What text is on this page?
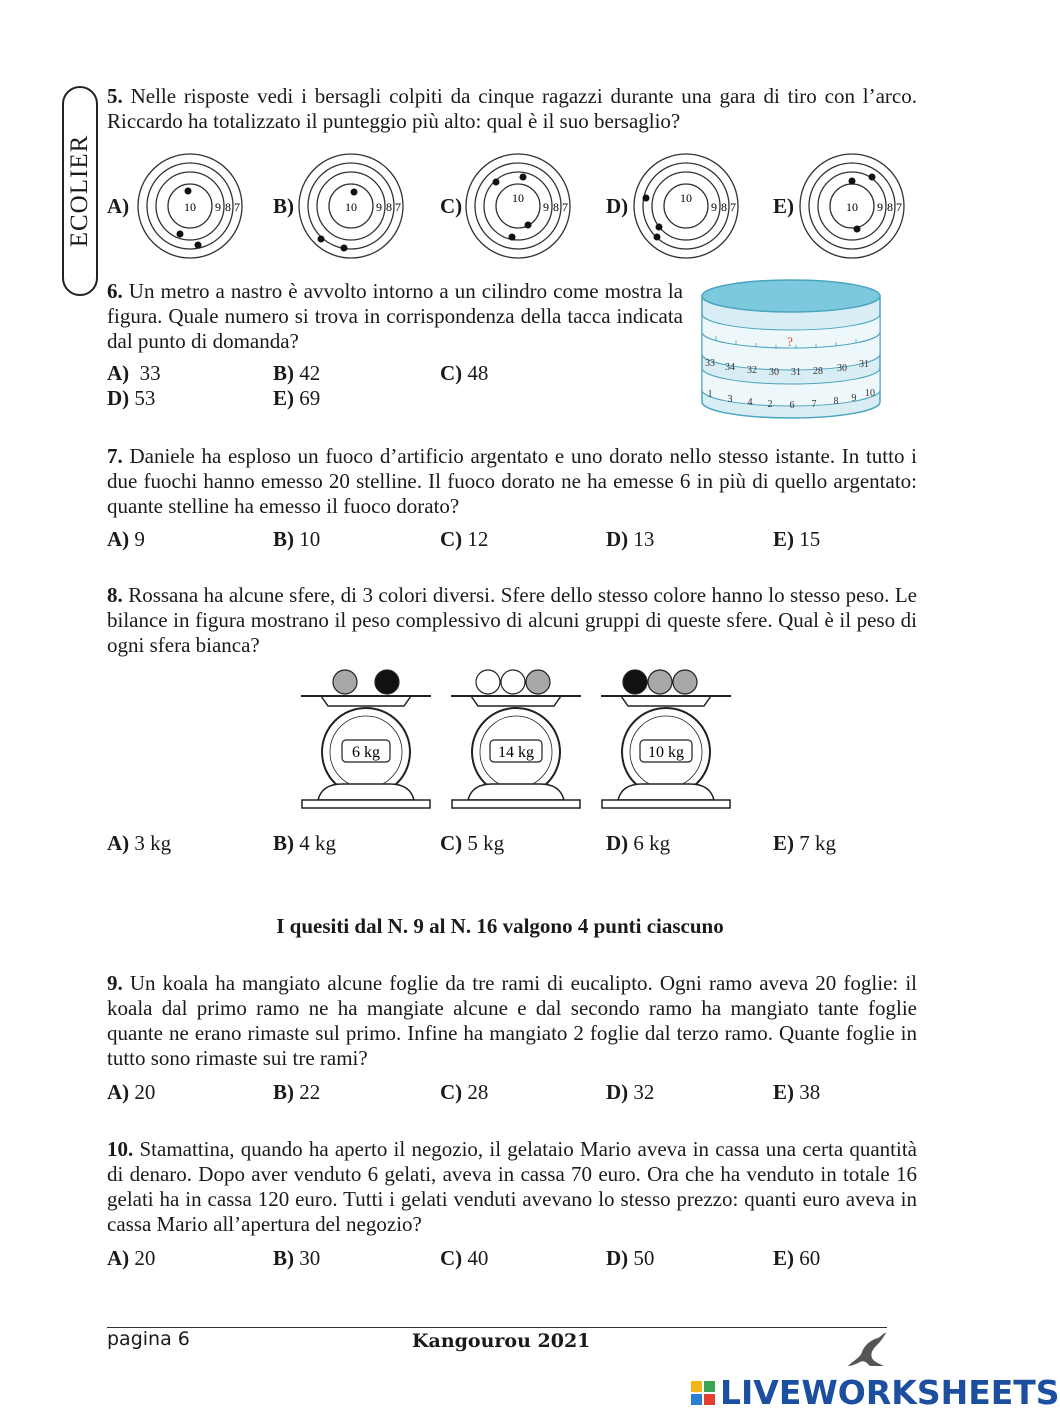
ECOLIER
5. Nelle risposte vedi i bersagli colpiti da cinque ragazzi durante una gara di tiro con l’arco. Riccardo ha totalizzato il punteggio più alto: qual è il suo bersaglio?
A)	B)	C)	D)	E)
10 9 8 7	10 9 8 7
10
9 8 7
10
9 8 7	10 9 8 7
6. Un metro a nastro è avvolto intorno a un cilindro come mostra la figura. Quale numero si trova in corrispondenza della tacca indicata dal punto di domanda?
A) 33	B) 42	C) 48
D) 53	E) 69
?
33 34 32 30 31 28 30 31
1 3 4 2 6 7 8 9 10
7. Daniele ha esploso un fuoco d’artificio argentato e uno dorato nello stesso istante. In tutto i due fuochi hanno emesso 20 stelline. Il fuoco dorato ne ha emesse 6 in più di quello argentato: quante stelline ha emesso il fuoco dorato?
A) 9	B) 10	C) 12	D) 13	E) 15
8. Rossana ha alcune sfere, di 3 colori diversi. Sfere dello stesso colore hanno lo stesso peso. Le bilance in figura mostrano il peso complessivo di alcuni gruppi di queste sfere. Qual è il peso di ogni sfera bianca?
6 kg	14 kg	10 kg
A) 3 kg	B) 4 kg	C) 5 kg	D) 6 kg	E) 7 kg
I quesiti dal N. 9 al N. 16 valgono 4 punti ciascuno
9. Un koala ha mangiato alcune foglie da tre rami di eucalipto. Ogni ramo aveva 20 foglie: il koala dal primo ramo ne ha mangiate alcune e dal secondo ramo ha mangiato tante foglie quante ne erano rimaste sul primo. Infine ha mangiato 2 foglie dal terzo ramo. Quante foglie in tutto sono rimaste sui tre rami?
A) 20	B) 22	C) 28	D) 32	E) 38
10. Stamattina, quando ha aperto il negozio, il gelataio Mario aveva in cassa una certa quantità di denaro. Dopo aver venduto 6 gelati, aveva in cassa 70 euro. Ora che ha venduto in totale 16 gelati ha in cassa 120 euro. Tutti i gelati venduti avevano lo stesso prezzo: quanti euro aveva in cassa Mario all’apertura del negozio?
A) 20	B) 30	C) 40	D) 50	E) 60
pagina 6	Kangourou 2021
LIVEWORKSHEETS
